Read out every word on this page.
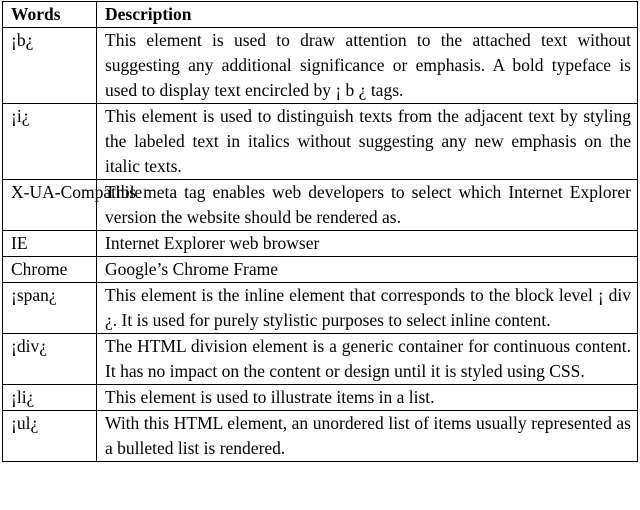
Words	Description
¡b¿	This element is used to draw attention to the attached text without suggesting any additional significance or emphasis. A bold typeface is used to display text encircled by ¡ b ¿ tags.
¡i¿	This element is used to distinguish texts from the adjacent text by styling the labeled text in italics without suggesting any new emphasis on the italic texts.
X-UA-Compatible	This meta tag enables web developers to select which Internet Explorer version the website should be rendered as.
IE	Internet Explorer web browser
Chrome	Google’s Chrome Frame
¡span¿	This element is the inline element that corresponds to the block level ¡ div ¿. It is used for purely stylistic purposes to select inline content.
¡div¿	The HTML division element is a generic container for continuous content. It has no impact on the content or design until it is styled using CSS.
¡li¿	This element is used to illustrate items in a list.
¡ul¿	With this HTML element, an unordered list of items usually represented as a bulleted list is rendered.
